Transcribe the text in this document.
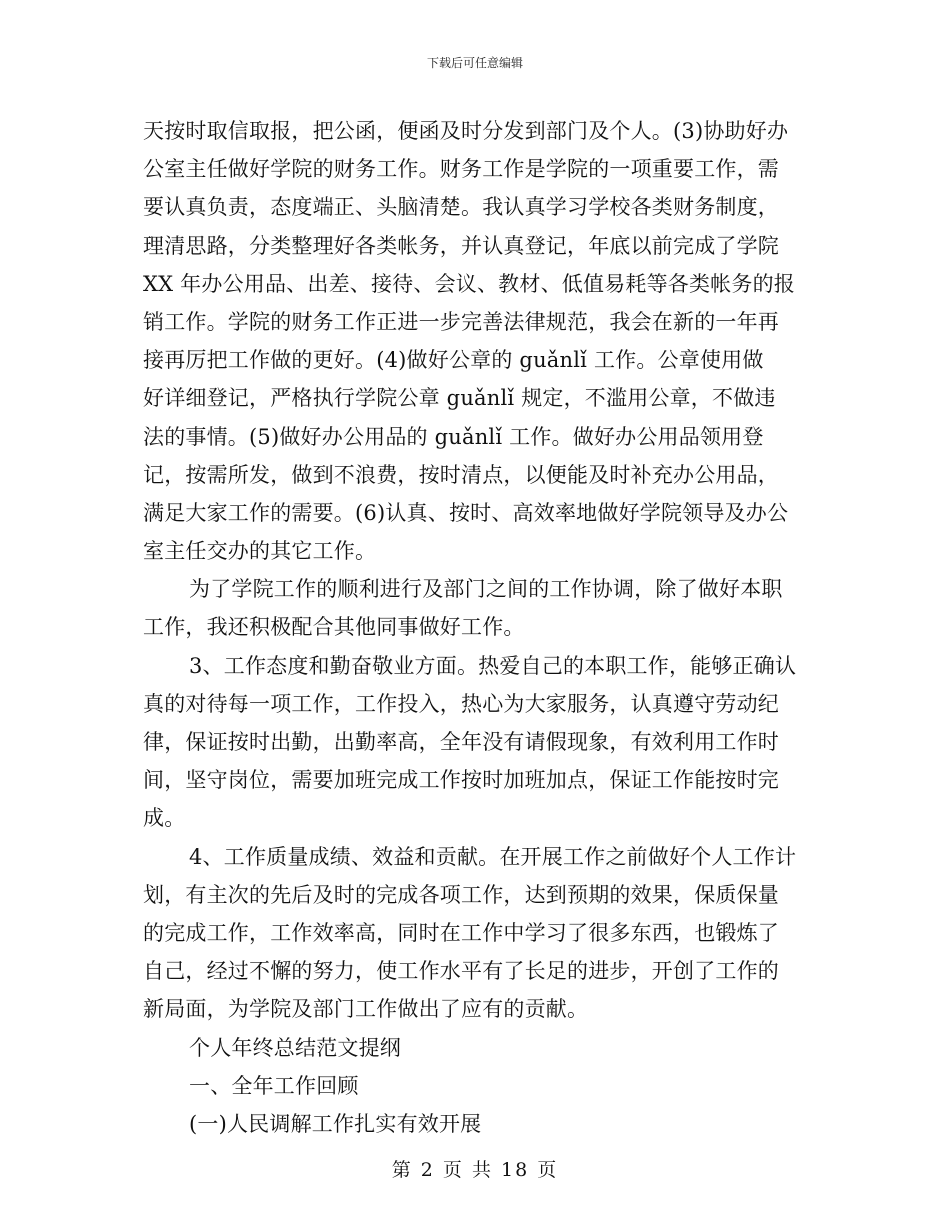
下载后可任意编辑
天按时取信取报，把公函，便函及时分发到部门及个人。(3)协助好办
公室主任做好学院的财务工作。财务工作是学院的一项重要工作，需
要认真负责，态度端正、头脑清楚。我认真学习学校各类财务制度，
理清思路，分类整理好各类帐务，并认真登记，年底以前完成了学院
XX 年办公用品、出差、接待、会议、教材、低值易耗等各类帐务的报
销工作。学院的财务工作正进一步完善法律规范，我会在新的一年再
接再厉把工作做的更好。(4)做好公章的 guǎnlǐ 工作。公章使用做
好详细登记，严格执行学院公章 guǎnlǐ 规定，不滥用公章，不做违
法的事情。(5)做好办公用品的 guǎnlǐ 工作。做好办公用品领用登
记，按需所发，做到不浪费，按时清点，以便能及时补充办公用品，
满足大家工作的需要。(6)认真、按时、高效率地做好学院领导及办公
室主任交办的其它工作。
为了学院工作的顺利进行及部门之间的工作协调，除了做好本职
工作，我还积极配合其他同事做好工作。
3、工作态度和勤奋敬业方面。热爱自己的本职工作，能够正确认
真的对待每一项工作，工作投入，热心为大家服务，认真遵守劳动纪
律，保证按时出勤，出勤率高，全年没有请假现象，有效利用工作时
间，坚守岗位，需要加班完成工作按时加班加点，保证工作能按时完
成。
4、工作质量成绩、效益和贡献。在开展工作之前做好个人工作计
划，有主次的先后及时的完成各项工作，达到预期的效果，保质保量
的完成工作，工作效率高，同时在工作中学习了很多东西，也锻炼了
自己，经过不懈的努力，使工作水平有了长足的进步，开创了工作的
新局面，为学院及部门工作做出了应有的贡献。
个人年终总结范文提纲
一、全年工作回顾
(一)人民调解工作扎实有效开展
第 2 页 共 18 页
